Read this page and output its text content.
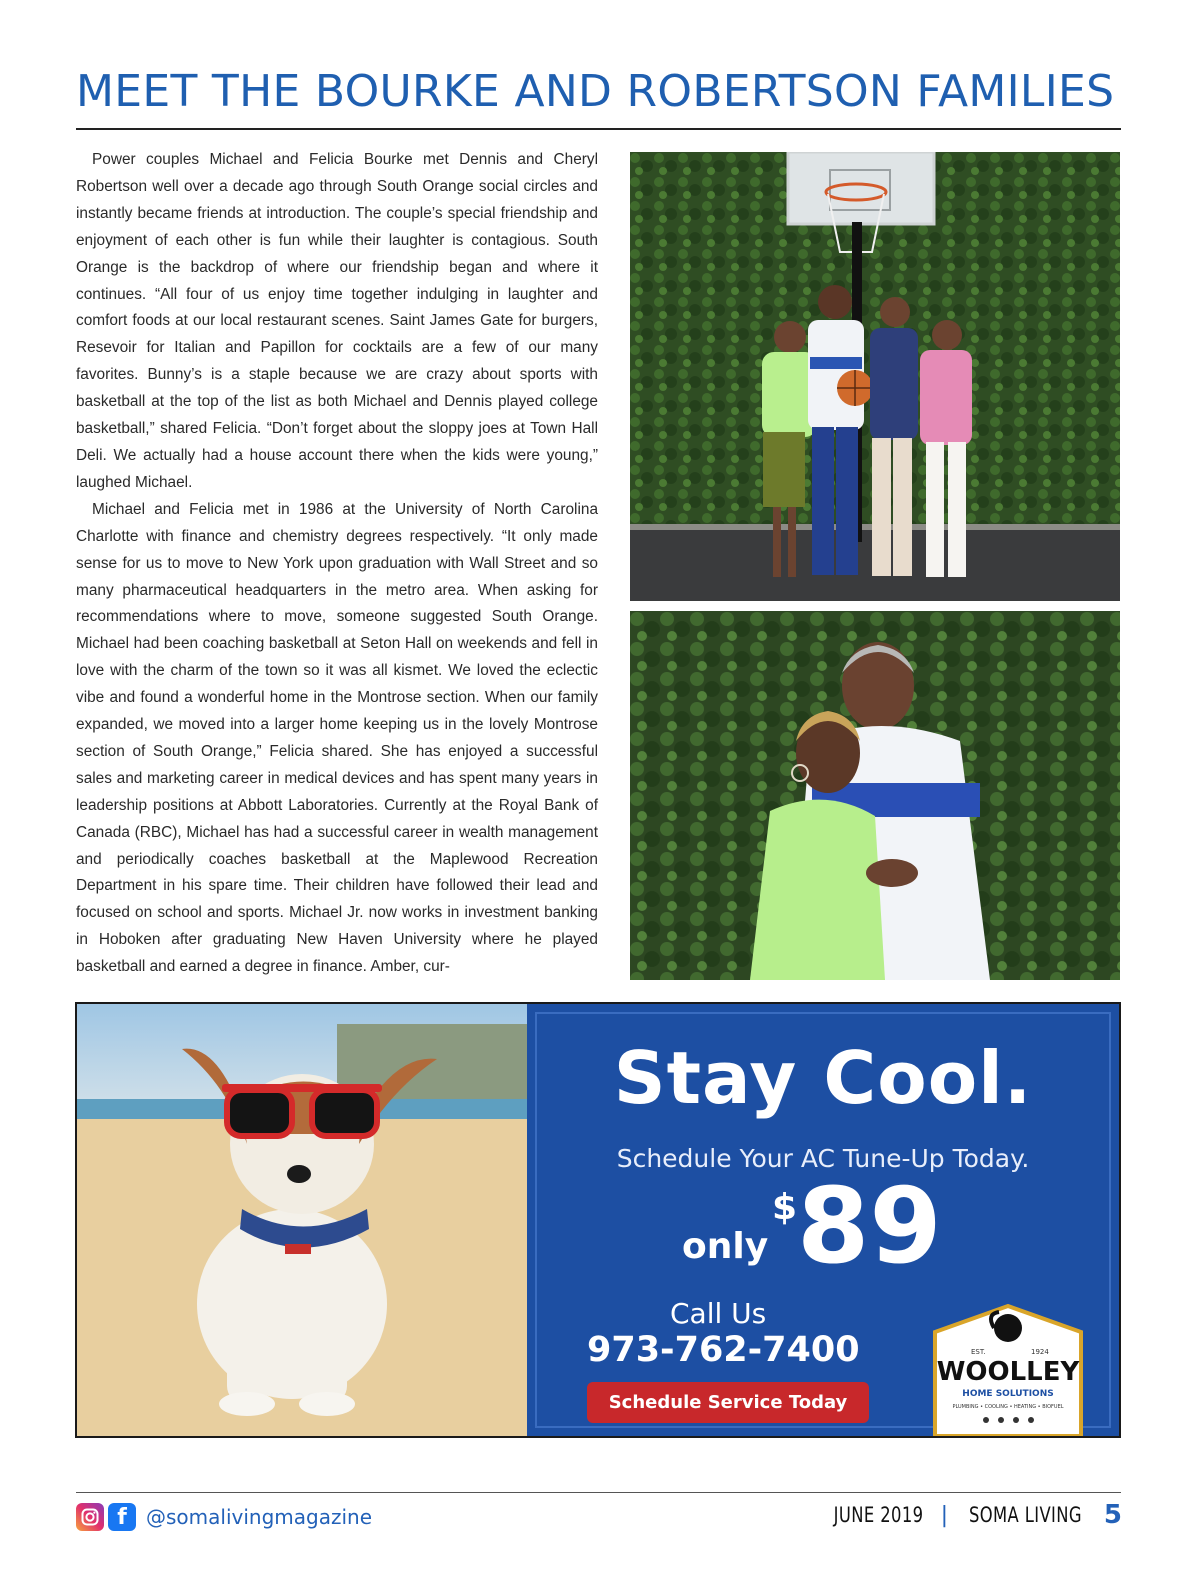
MEET THE BOURKE AND ROBERTSON FAMILIES

Power couples Michael and Felicia Bourke met Dennis and Cheryl Robertson well over a decade ago through South Orange social circles and instantly became friends at introduction. The couple’s special friendship and enjoyment of each other is fun while their laughter is contagious. South Orange is the backdrop of where our friendship began and where it continues. “All four of us enjoy time together indulging in laughter and comfort foods at our local restaurant scenes. Saint James Gate for burgers, Resevoir for Italian and Papillon for cocktails are a few of our many favorites. Bunny’s is a staple because we are crazy about sports with basketball at the top of the list as both Michael and Dennis played college basketball,” shared Felicia. “Don’t forget about the sloppy joes at Town Hall Deli. We actually had a house account there when the kids were young,” laughed Michael.

Michael and Felicia met in 1986 at the University of North Carolina Charlotte with finance and chemistry degrees respectively. “It only made sense for us to move to New York upon graduation with Wall Street and so many pharmaceutical headquarters in the metro area. When asking for recommendations where to move, someone suggested South Orange. Michael had been coaching basketball at Seton Hall on weekends and fell in love with the charm of the town so it was all kismet. We loved the eclectic vibe and found a wonderful home in the Montrose section. When our family expanded, we moved into a larger home keeping us in the lovely Montrose section of South Orange,” Felicia shared. She has enjoyed a successful sales and marketing career in medical devices and has spent many years in leadership positions at Abbott Laboratories. Currently at the Royal Bank of Canada (RBC), Michael has had a successful career in wealth management and periodically coaches basketball at the Maplewood Recreation Department in his spare time. Their children have followed their lead and focused on school and sports. Michael Jr. now works in investment banking in Hoboken after graduating New Haven University where he played basketball and earned a degree in finance. Amber, cur-

Stay Cool.
Schedule Your AC Tune-Up Today.
only
$ 89
Call Us
973-762-7400
Schedule Service Today
EST.	1924
WOOLLEY
HOME SOLUTIONS
PLUMBING • COOLING • HEATING • BIOFUEL
f @somalivingmagazine	JUNE 2019 | SOMA LIVING 5
